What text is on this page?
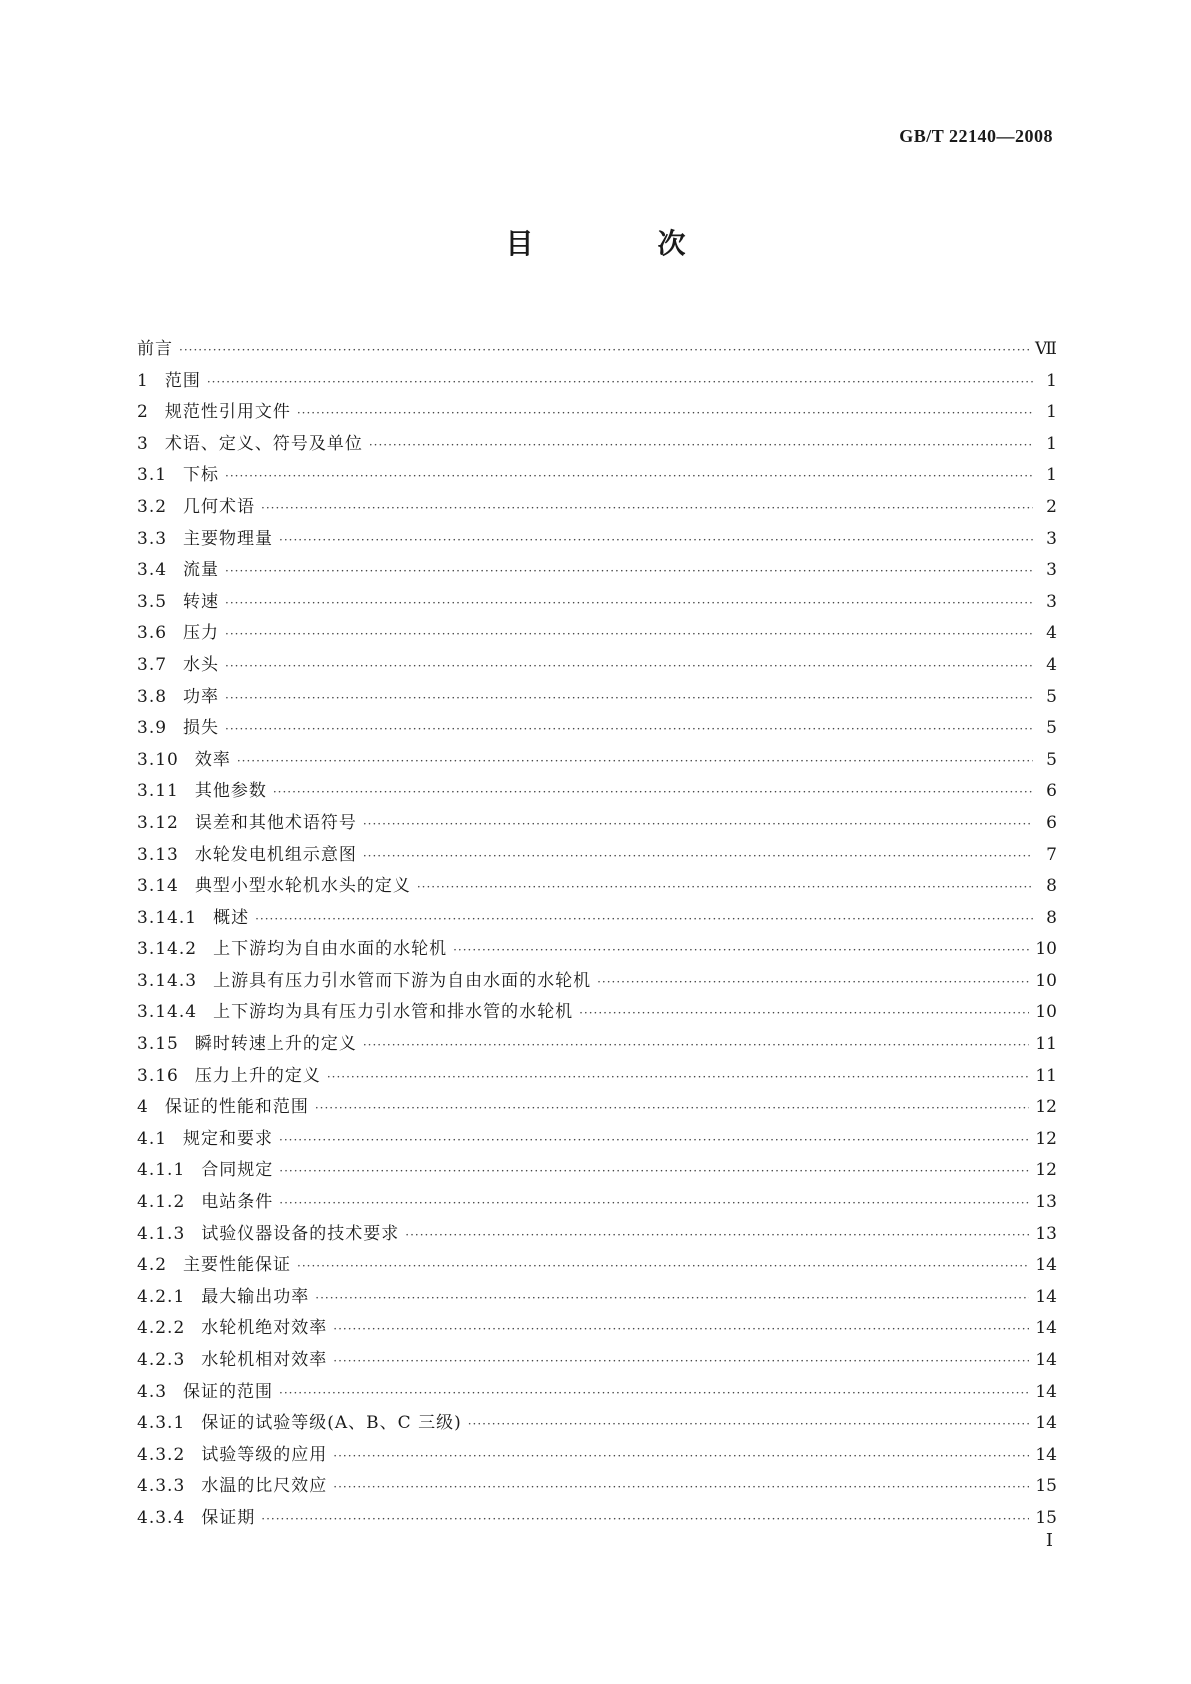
GB/T 22140—2008
目　次
前言 ·····	Ⅶ
1 范围 ·····	1
2 规范性引用文件 ·····	1
3 术语、定义、符号及单位 ·····	1
3.1 下标 ·····	1
3.2 几何术语 ·····	2
3.3 主要物理量 ·····	3
3.4 流量 ·····	3
3.5 转速 ·····	3
3.6 压力 ·····	4
3.7 水头 ·····	4
3.8 功率 ·····	5
3.9 损失 ·····	5
3.10 效率 ·····	5
3.11 其他参数 ·····	6
3.12 误差和其他术语符号 ·····	6
3.13 水轮发电机组示意图 ·····	7
3.14 典型小型水轮机水头的定义 ·····	8
3.14.1 概述 ·····	8
3.14.2 上下游均为自由水面的水轮机 ·····	10
3.14.3 上游具有压力引水管而下游为自由水面的水轮机 ·····	10
3.14.4 上下游均为具有压力引水管和排水管的水轮机 ·····	10
3.15 瞬时转速上升的定义 ·····	11
3.16 压力上升的定义 ·····	11
4 保证的性能和范围 ·····	12
4.1 规定和要求 ·····	12
4.1.1 合同规定 ·····	12
4.1.2 电站条件 ·····	13
4.1.3 试验仪器设备的技术要求 ·····	13
4.2 主要性能保证 ·····	14
4.2.1 最大输出功率 ·····	14
4.2.2 水轮机绝对效率 ·····	14
4.2.3 水轮机相对效率 ·····	14
4.3 保证的范围 ·····	14
4.3.1 保证的试验等级(A、B、C 三级) ·····	14
4.3.2 试验等级的应用 ·····	14
4.3.3 水温的比尺效应 ·····	15
4.3.4 保证期 ·····	15
I
